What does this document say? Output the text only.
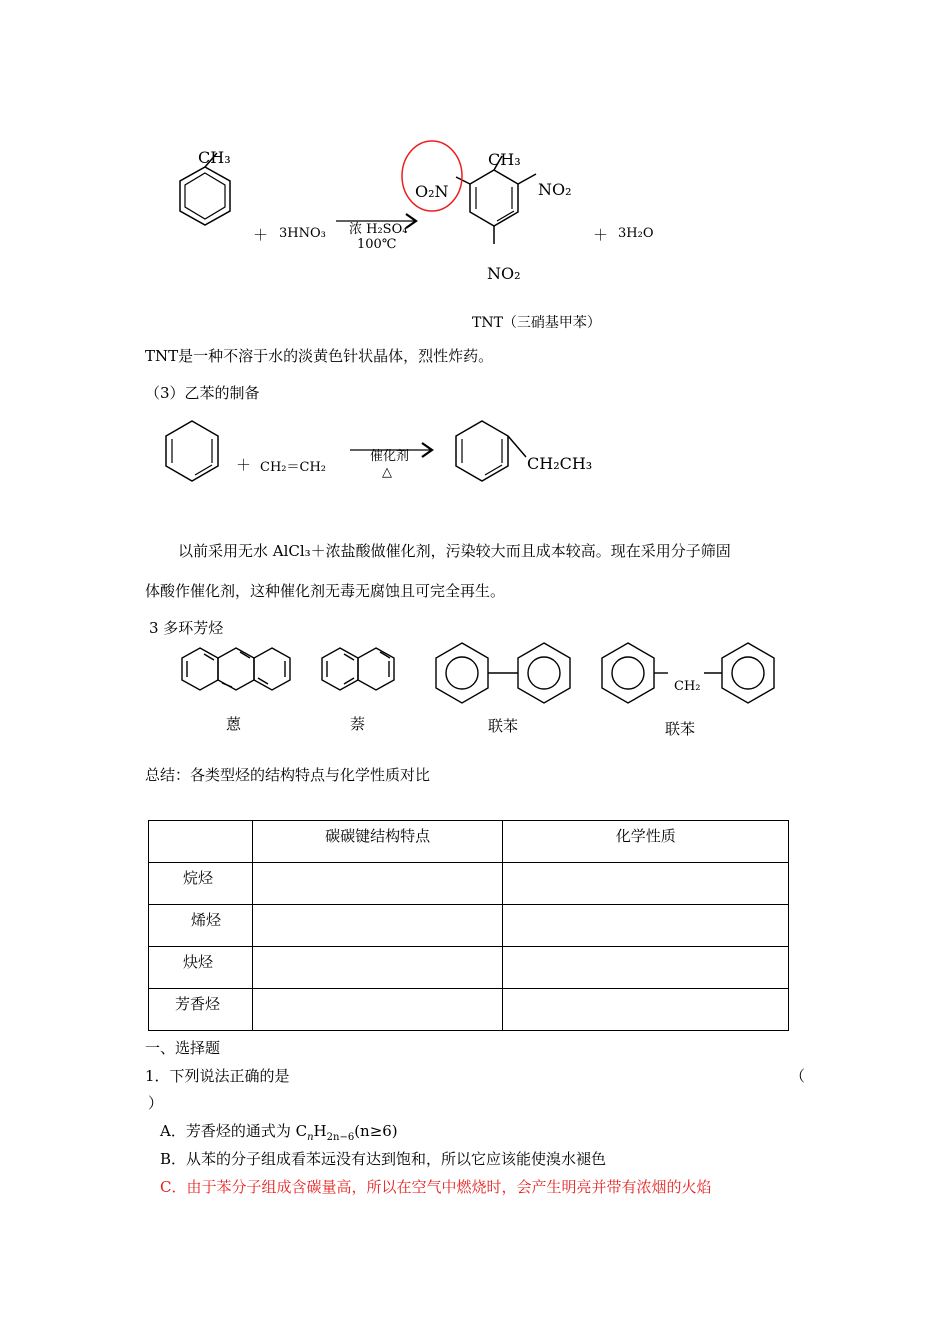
CH₃
＋ 3HNO₃ 浓 H₂SO₄
100℃
CH₃
O₂N	NO₂
NO₂
＋ 3H₂O
TNT（三硝基甲苯）
TNT是一种不溶于水的淡黄色针状晶体，烈性炸药。
（3）乙苯的制备
＋ CH₂＝CH₂
催化剂
△	CH₂CH₃
以前采用无水 AlCl₃＋浓盐酸做催化剂，污染较大而且成本较高。现在采用分子筛固
体酸作催化剂，这种催化剂无毒无腐蚀且可完全再生。
3 多环芳烃
蒽	萘	联苯
CH₂
联苯
总结：各类型烃的结构特点与化学性质对比
	碳碳键结构特点	化学性质
烷烃		
烯烃		
炔烃		
芳香烃		
一、选择题
1．下列说法正确的是	（
）
A．芳香烃的通式为 $C_nH_{2n-6}(n\ge 6)$
B．从苯的分子组成看苯远没有达到饱和，所以它应该能使溴水褪色
C．由于苯分子组成含碳量高，所以在空气中燃烧时，会产生明亮并带有浓烟的火焰
